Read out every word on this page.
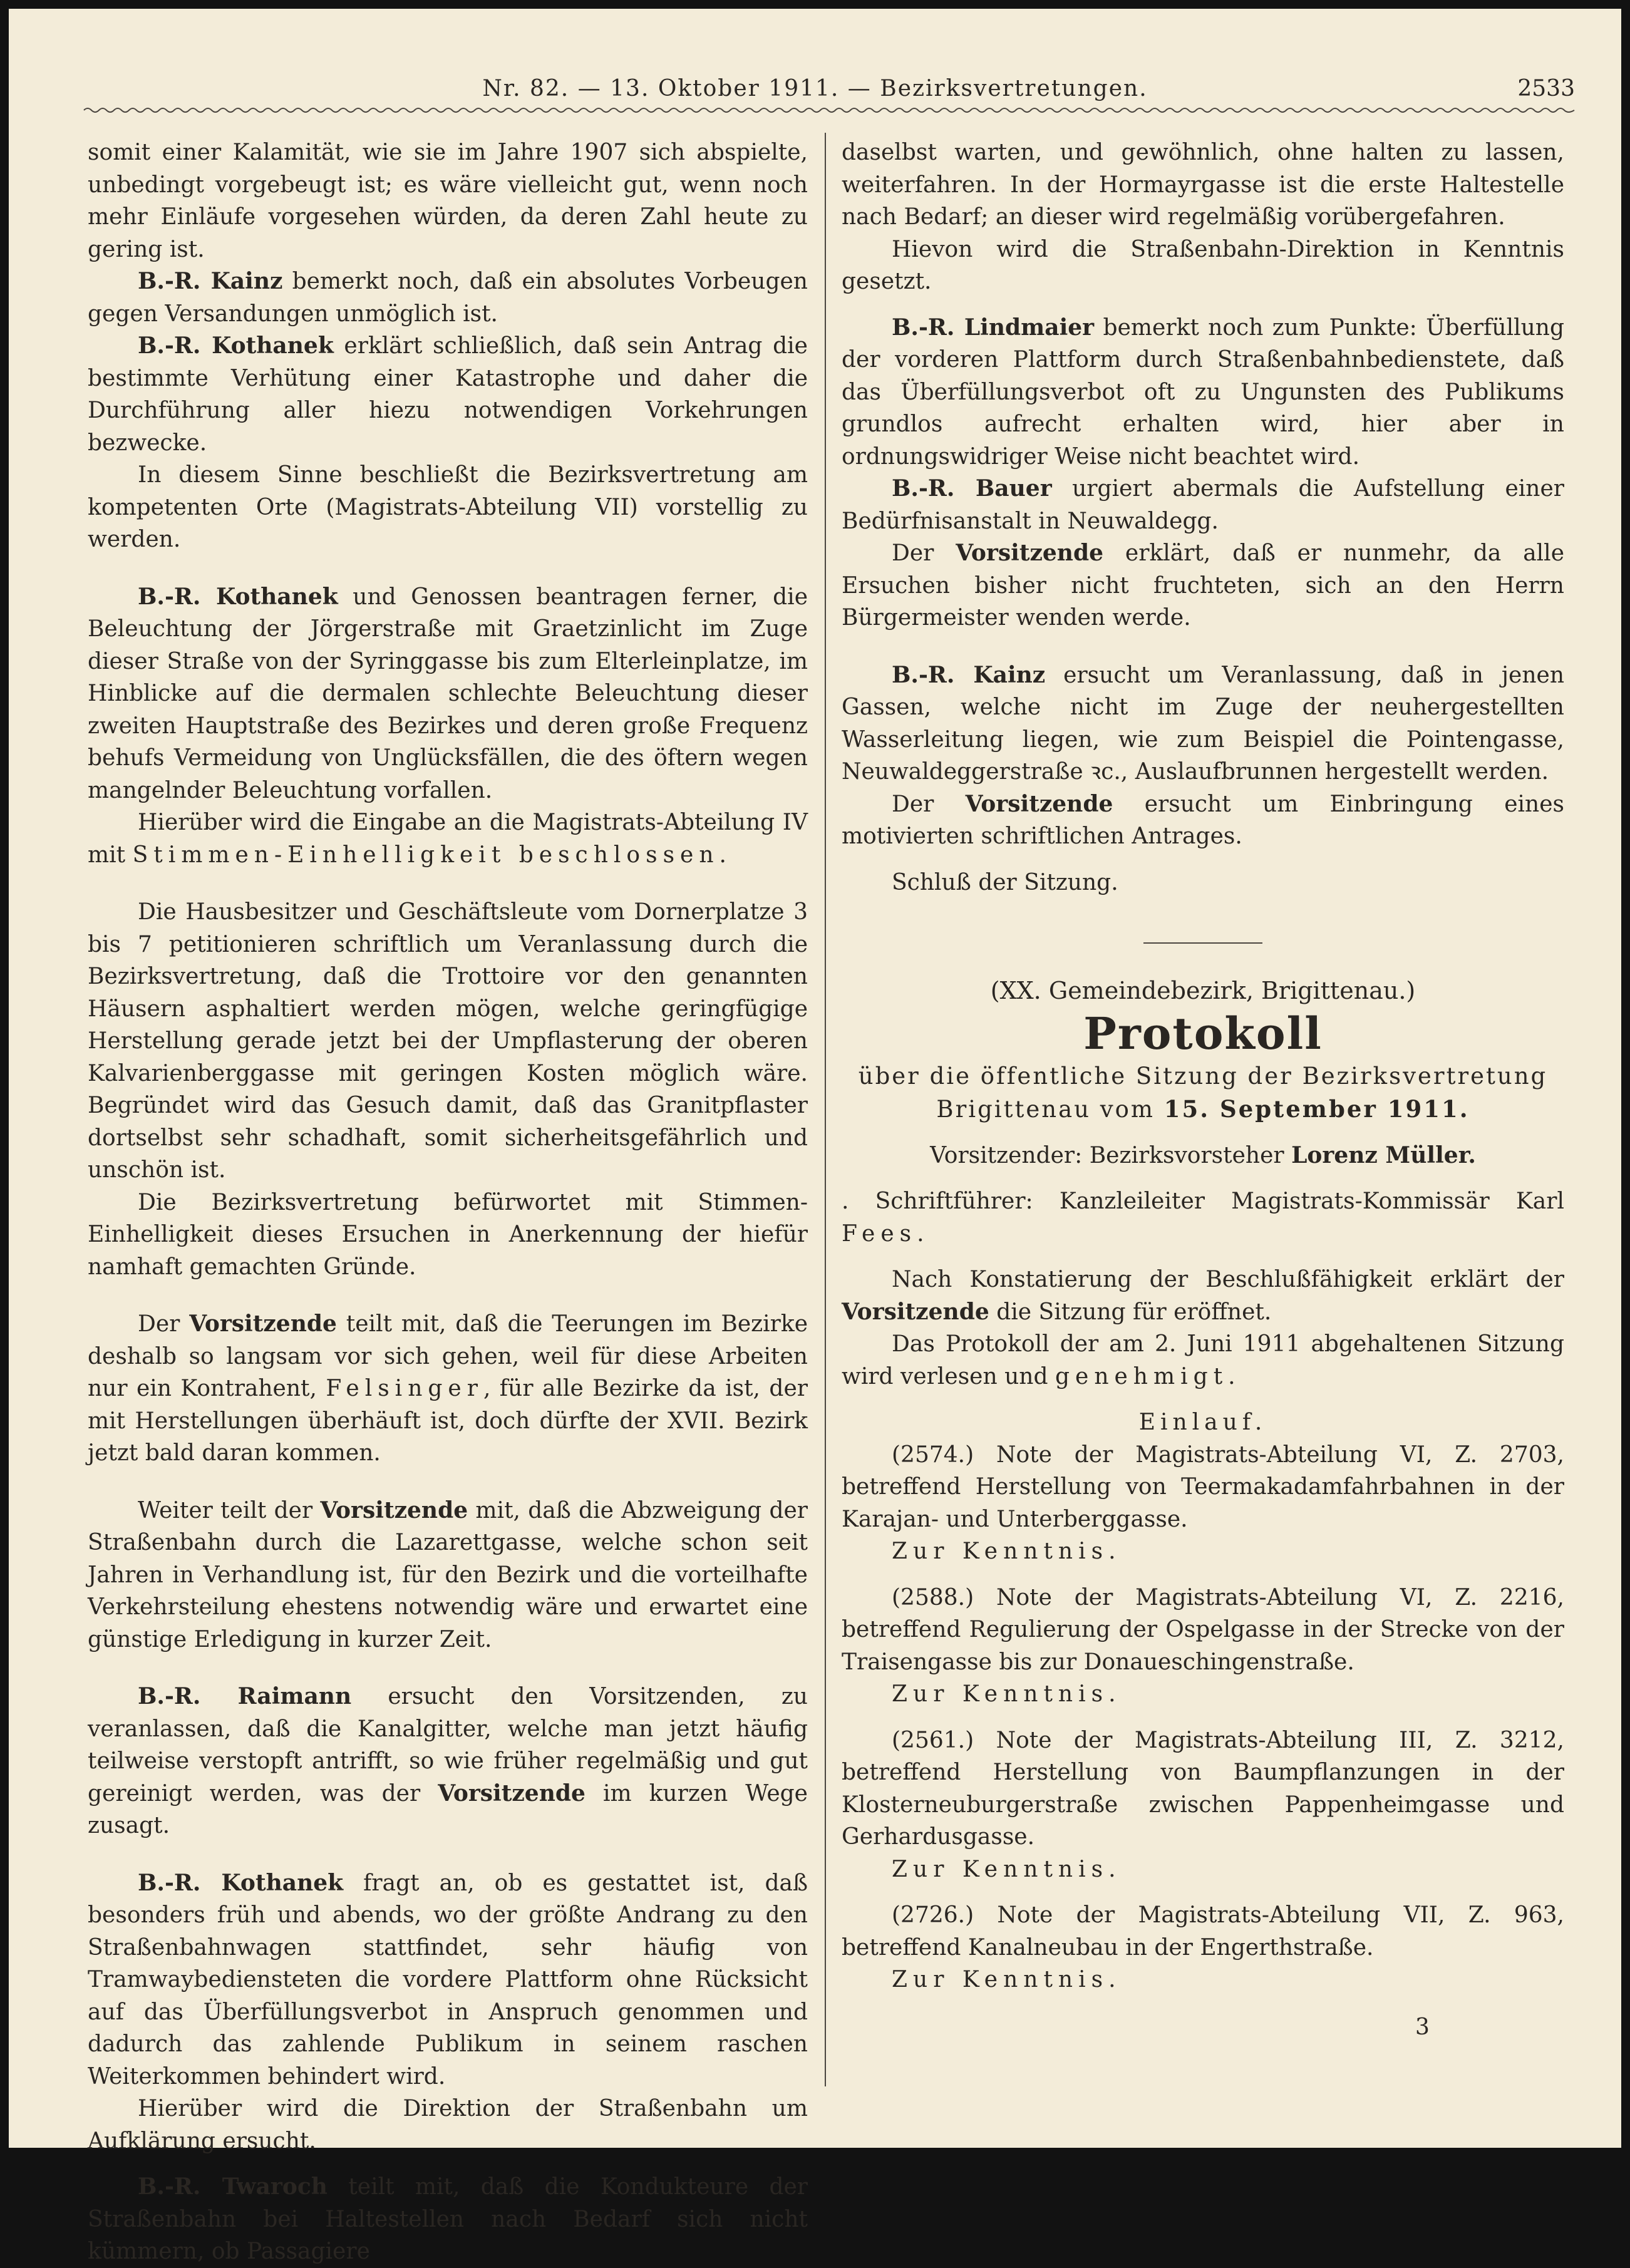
Nr. 82. — 13. Oktober 1911. — Bezirksvertretungen.	2533

somit einer Kalamität, wie sie im Jahre 1907 sich abspielte, unbedingt vorgebeugt ist; es wäre vielleicht gut, wenn noch mehr Einläufe vorgesehen würden, da deren Zahl heute zu gering ist.

B.-R. Kainz bemerkt noch, daß ein absolutes Vorbeugen gegen Versandungen unmöglich ist.

B.-R. Kothanek erklärt schließlich, daß sein Antrag die bestimmte Verhütung einer Katastrophe und daher die Durchführung aller hiezu notwendigen Vorkehrungen bezwecke.

In diesem Sinne beschließt die Bezirksvertretung am kompetenten Orte (Magistrats-Abteilung VII) vorstellig zu werden.

B.-R. Kothanek und Genossen beantragen ferner, die Beleuchtung der Jörgerstraße mit Graetzinlicht im Zuge dieser Straße von der Syringgasse bis zum Elterleinplatze, im Hinblicke auf die dermalen schlechte Beleuchtung dieser zweiten Hauptstraße des Bezirkes und deren große Frequenz behufs Vermeidung von Unglücksfällen, die des öftern wegen mangelnder Beleuchtung vorfallen.

Hierüber wird die Eingabe an die Magistrats-Abteilung IV mit Stimmen-Einhelligkeit beschlossen.

Die Hausbesitzer und Geschäftsleute vom Dornerplatze 3 bis 7 petitionieren schriftlich um Veranlassung durch die Bezirksvertretung, daß die Trottoire vor den genannten Häusern asphaltiert werden mögen, welche geringfügige Herstellung gerade jetzt bei der Umpflasterung der oberen Kalvarienberggasse mit geringen Kosten möglich wäre. Begründet wird das Gesuch damit, daß das Granitpflaster dortselbst sehr schadhaft, somit sicherheitsgefährlich und unschön ist.

Die Bezirksvertretung befürwortet mit Stimmen-Einhelligkeit dieses Ersuchen in Anerkennung der hiefür namhaft gemachten Gründe.

Der Vorsitzende teilt mit, daß die Teerungen im Bezirke deshalb so langsam vor sich gehen, weil für diese Arbeiten nur ein Kontrahent, Felsinger, für alle Bezirke da ist, der mit Herstellungen überhäuft ist, doch dürfte der XVII. Bezirk jetzt bald daran kommen.

Weiter teilt der Vorsitzende mit, daß die Abzweigung der Straßenbahn durch die Lazarettgasse, welche schon seit Jahren in Verhandlung ist, für den Bezirk und die vorteilhafte Verkehrsteilung ehestens notwendig wäre und erwartet eine günstige Erledigung in kurzer Zeit.

B.-R. Raimann ersucht den Vorsitzenden, zu veranlassen, daß die Kanalgitter, welche man jetzt häufig teilweise verstopft antrifft, so wie früher regelmäßig und gut gereinigt werden, was der Vorsitzende im kurzen Wege zusagt.

B.-R. Kothanek fragt an, ob es gestattet ist, daß besonders früh und abends, wo der größte Andrang zu den Straßenbahnwagen stattfindet, sehr häufig von Tramwaybediensteten die vordere Plattform ohne Rücksicht auf das Überfüllungsverbot in Anspruch genommen und dadurch das zahlende Publikum in seinem raschen Weiterkommen behindert wird.

Hierüber wird die Direktion der Straßenbahn um Aufklärung ersucht.

B.-R. Twaroch teilt mit, daß die Kondukteure der Straßenbahn bei Haltestellen nach Bedarf sich nicht kümmern, ob Passagiere

daselbst warten, und gewöhnlich, ohne halten zu lassen, weiterfahren. In der Hormayrgasse ist die erste Haltestelle nach Bedarf; an dieser wird regelmäßig vorübergefahren.

Hievon wird die Straßenbahn-Direktion in Kenntnis gesetzt.

B.-R. Lindmaier bemerkt noch zum Punkte: Überfüllung der vorderen Plattform durch Straßenbahnbedienstete, daß das Überfüllungsverbot oft zu Ungunsten des Publikums grundlos aufrecht erhalten wird, hier aber in ordnungswidriger Weise nicht beachtet wird.

B.-R. Bauer urgiert abermals die Aufstellung einer Bedürfnisanstalt in Neuwaldegg.

Der Vorsitzende erklärt, daß er nunmehr, da alle Ersuchen bisher nicht fruchteten, sich an den Herrn Bürgermeister wenden werde.

B.-R. Kainz ersucht um Veranlassung, daß in jenen Gassen, welche nicht im Zuge der neuhergestellten Wasserleitung liegen, wie zum Beispiel die Pointengasse, Neuwaldeggerstraße ꝛc., Auslaufbrunnen hergestellt werden.

Der Vorsitzende ersucht um Einbringung eines motivierten schriftlichen Antrages.

Schluß der Sitzung.

(XX. Gemeindebezirk, Brigittenau.)
Protokoll
über die öffentliche Sitzung der Bezirksvertretung
Brigittenau vom 15. September 1911.

Vorsitzender: Bezirksvorsteher Lorenz Müller.

. Schriftführer: Kanzleileiter Magistrats-Kommissär Karl Fees.

Nach Konstatierung der Beschlußfähigkeit erklärt der Vorsitzende die Sitzung für eröffnet.

Das Protokoll der am 2. Juni 1911 abgehaltenen Sitzung wird verlesen und genehmigt.

Einlauf.

(2574.) Note der Magistrats-Abteilung VI, Z. 2703, betreffend Herstellung von Teermakadamfahrbahnen in der Karajan- und Unterberggasse.

Zur Kenntnis.

(2588.) Note der Magistrats-Abteilung VI, Z. 2216, betreffend Regulierung der Ospelgasse in der Strecke von der Traisengasse bis zur Donaueschingenstraße.

Zur Kenntnis.

(2561.) Note der Magistrats-Abteilung III, Z. 3212, betreffend Herstellung von Baumpflanzungen in der Klosterneuburgerstraße zwischen Pappenheimgasse und Gerhardusgasse.

Zur Kenntnis.

(2726.) Note der Magistrats-Abteilung VII, Z. 963, betreffend Kanalneubau in der Engerthstraße.

Zur Kenntnis.

3
